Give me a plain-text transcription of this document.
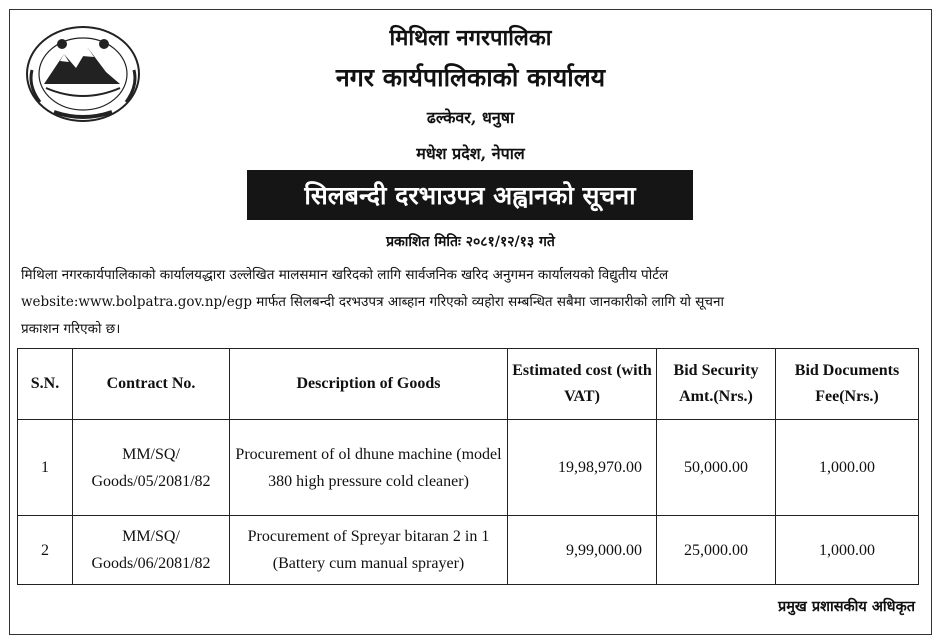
मिथिला नगरपालिका
नगर कार्यपालिकाको कार्यालय
ढल्केवर, धनुषा
मधेश प्रदेश, नेपाल
सिलबन्दी दरभाउपत्र अह्वानको सूचना
प्रकाशित मितिः २०८१/१२/१३ गते
मिथिला नगरकार्यपालिकाको कार्यालयद्धारा उल्लेखित मालसमान खरिदको लागि सार्वजनिक खरिद अनुगमन कार्यालयको विद्युतीय पोर्टल
website:www.bolpatra.gov.np/egp मार्फत सिलबन्दी दरभउपत्र आब्हान गरिएको व्यहोरा सम्बन्धित सबैमा जानकारीको लागि यो सूचना
प्रकाशन गरिएको छ।
S.N.	Contract No.	Description of Goods	Estimated cost (with VAT)	Bid Security Amt.(Nrs.)	Bid Documents Fee(Nrs.)
1	MM/SQ/ Goods/05/2081/82	Procurement of ol dhune machine (model 380 high pressure cold cleaner)	19,98,970.00	50,000.00	1,000.00
2	MM/SQ/ Goods/06/2081/82	Procurement of Spreyar bitaran 2 in 1 (Battery cum manual sprayer)	9,99,000.00	25,000.00	1,000.00
प्रमुख प्रशासकीय अधिकृत
